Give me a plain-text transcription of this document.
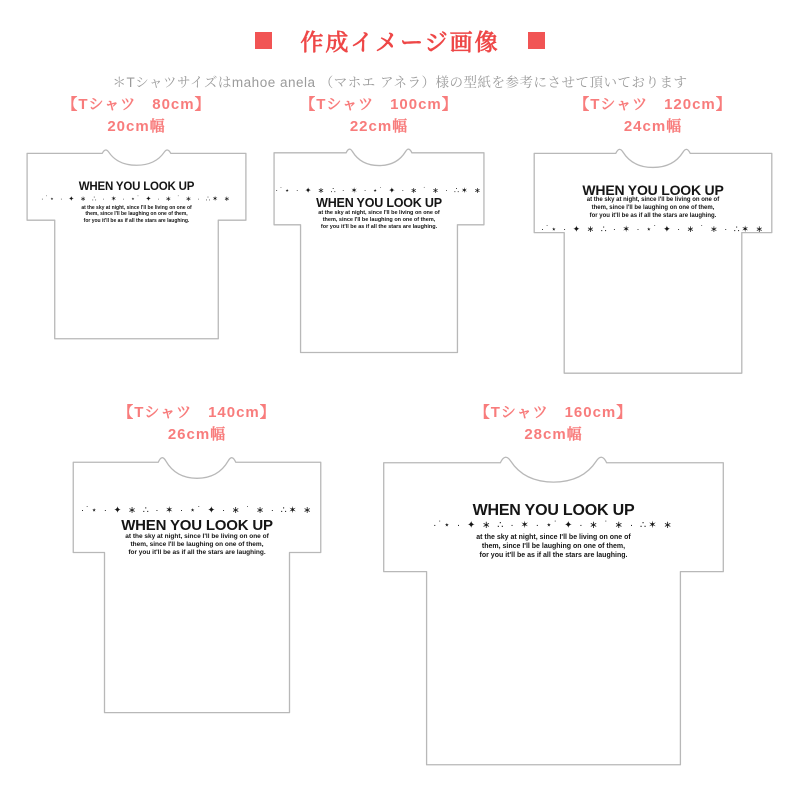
作成イメージ画像
＊Tシャツサイズはmahoe anela （マホエ アネラ）様の型紙を参考にさせて頂いております
【Tシャツ　80cm】
20cm幅
WHEN YOU LOOK UP
·˙⋆ · ✦ ∗ ∴ · ✶ · ⋆˙ ✦ · ∗ ˙ ∗ · ∴✶ ∗
at the sky at night, since I'll be living on one of
them, since I'll be laughing on one of them,
for you it'll be as if all the stars are laughing.
【Tシャツ　100cm】
22cm幅
·˙⋆ · ✦ ∗ ∴ · ✶ · ⋆˙ ✦ · ∗ ˙ ∗ · ∴✶ ∗
WHEN YOU LOOK UP
at the sky at night, since I'll be living on one of
them, since I'll be laughing on one of them,
for you it'll be as if all the stars are laughing.
【Tシャツ　120cm】
24cm幅
WHEN YOU LOOK UP
at the sky at night, since I'll be living on one of
them, since I'll be laughing on one of them,
for you it'll be as if all the stars are laughing.
·˙⋆ · ✦ ∗ ∴ · ✶ · ⋆˙ ✦ · ∗ ˙ ∗ · ∴✶ ∗
【Tシャツ　140cm】
26cm幅
·˙⋆ · ✦ ∗ ∴ · ✶ · ⋆˙ ✦ · ∗ ˙ ∗ · ∴✶ ∗
WHEN YOU LOOK UP
at the sky at night, since I'll be living on one of
them, since I'll be laughing on one of them,
for you it'll be as if all the stars are laughing.
【Tシャツ　160cm】
28cm幅
WHEN YOU LOOK UP
·˙⋆ · ✦ ∗ ∴ · ✶ · ⋆˙ ✦ · ∗ ˙ ∗ · ∴✶ ∗
at the sky at night, since I'll be living on one of
them, since I'll be laughing on one of them,
for you it'll be as if all the stars are laughing.
